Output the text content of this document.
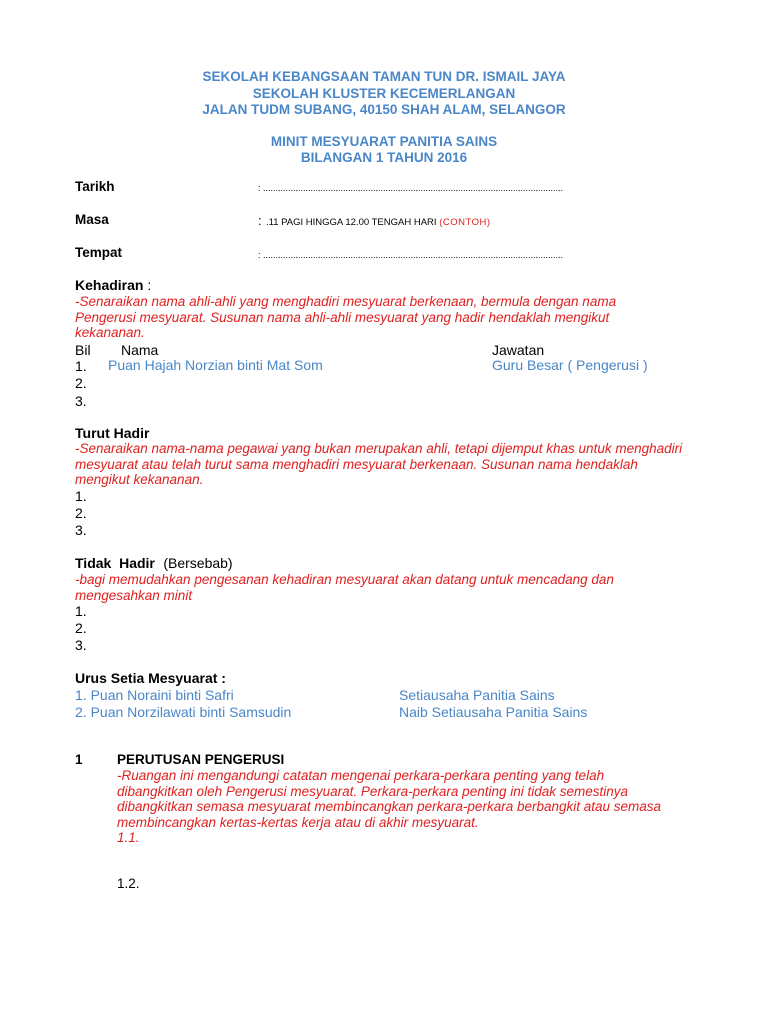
SEKOLAH KEBANGSAAN TAMAN TUN DR. ISMAIL JAYA
SEKOLAH KLUSTER KECEMERLANGAN
JALAN TUDM SUBANG, 40150 SHAH ALAM, SELANGOR
MINIT MESYUARAT PANITIA SAINS
BILANGAN 1 TAHUN 2016
Tarikh	: ........................................................................................................................
Masa	: .11 PAGI HINGGA 12.00 TENGAH HARI (CONTOH)
Tempat	: ........................................................................................................................
Kehadiran :
-Senaraikan nama ahli-ahli yang menghadiri mesyuarat berkenaan, bermula dengan nama Pengerusi mesyuarat. Susunan nama ahli-ahli mesyuarat yang hadir hendaklah mengikut kekananan.
Bil Nama	Jawatan
1. Puan Hajah Norzian binti Mat Som	Guru Besar ( Pengerusi )
2.
3.
Turut Hadir
-Senaraikan nama-nama pegawai yang bukan merupakan ahli, tetapi dijemput khas untuk menghadiri mesyuarat atau telah turut sama menghadiri mesyuarat berkenaan. Susunan nama hendaklah mengikut kekananan.
1.
2.
3.
Tidak  Hadir (Bersebab)
-bagi memudahkan pengesanan kehadiran mesyuarat akan datang untuk mencadang dan mengesahkan minit
1.
2.
3.
Urus Setia Mesyuarat :
1. Puan Noraini binti Safri	Setiausaha Panitia Sains
2. Puan Norzilawati binti Samsudin	Naib Setiausaha Panitia Sains
1	PERUTUSAN PENGERUSI
-Ruangan ini mengandungi catatan mengenai perkara-perkara penting yang telah dibangkitkan oleh Pengerusi mesyuarat. Perkara-perkara penting ini tidak semestinya dibangkitkan semasa mesyuarat membincangkan perkara-perkara berbangkit atau semasa membincangkan kertas-kertas kerja atau di akhir mesyuarat.
1.1.
1.2.
